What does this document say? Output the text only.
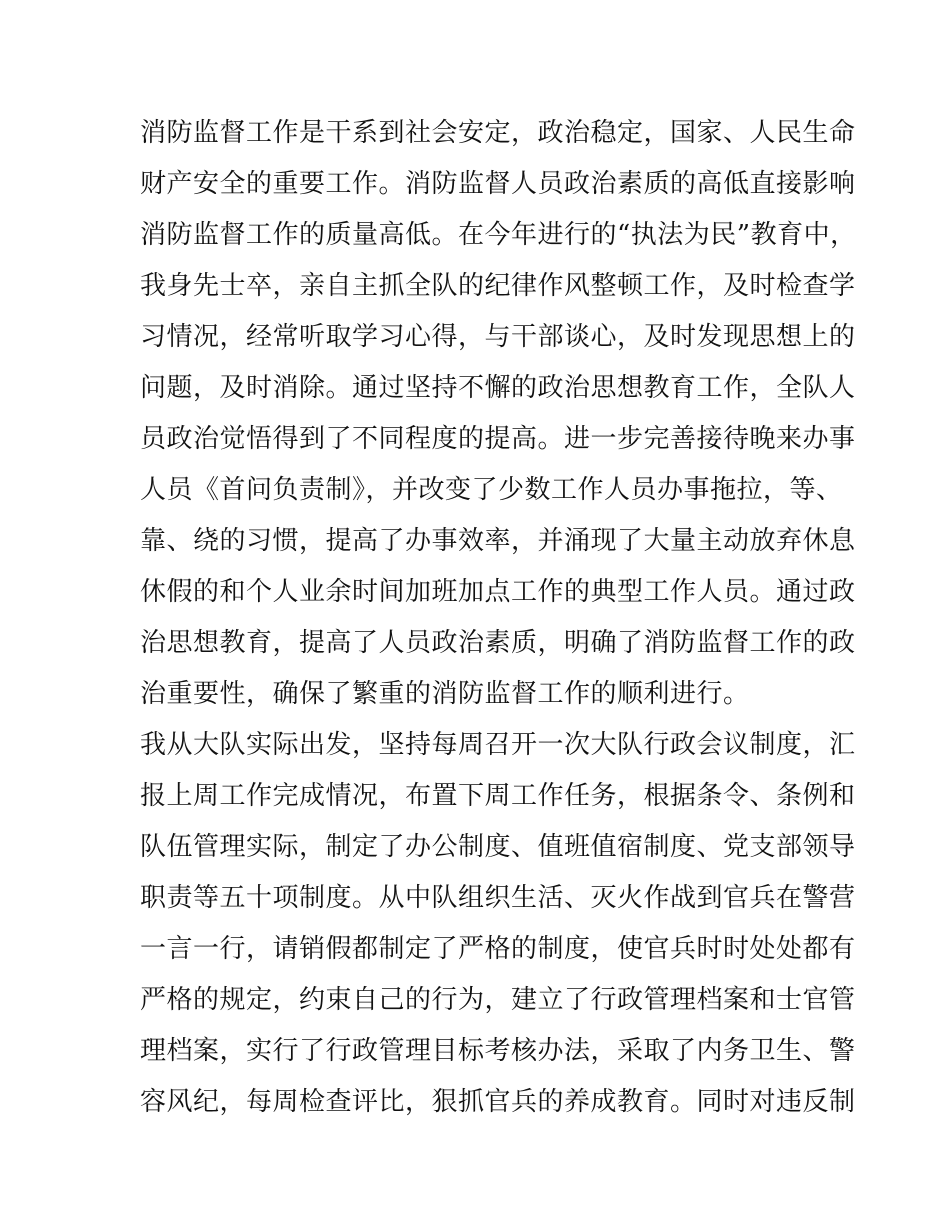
消防监督工作是干系到社会安定，政治稳定，国家、人民生命
财产安全的重要工作。消防监督人员政治素质的高低直接影响
消防监督工作的质量高低。在今年进行的“执法为民”教育中，
我身先士卒，亲自主抓全队的纪律作风整顿工作，及时检查学
习情况，经常听取学习心得，与干部谈心，及时发现思想上的
问题，及时消除。通过坚持不懈的政治思想教育工作，全队人
员政治觉悟得到了不同程度的提高。进一步完善接待晚来办事
人员《首问负责制》，并改变了少数工作人员办事拖拉，等、
靠、绕的习惯，提高了办事效率，并涌现了大量主动放弃休息
休假的和个人业余时间加班加点工作的典型工作人员。通过政
治思想教育，提高了人员政治素质，明确了消防监督工作的政
治重要性，确保了繁重的消防监督工作的顺利进行。
我从大队实际出发，坚持每周召开一次大队行政会议制度，汇
报上周工作完成情况，布置下周工作任务，根据条令、条例和
队伍管理实际，制定了办公制度、值班值宿制度、党支部领导
职责等五十项制度。从中队组织生活、灭火作战到官兵在警营
一言一行，请销假都制定了严格的制度，使官兵时时处处都有
严格的规定，约束自己的行为，建立了行政管理档案和士官管
理档案，实行了行政管理目标考核办法，采取了内务卫生、警
容风纪，每周检查评比，狠抓官兵的养成教育。同时对违反制
